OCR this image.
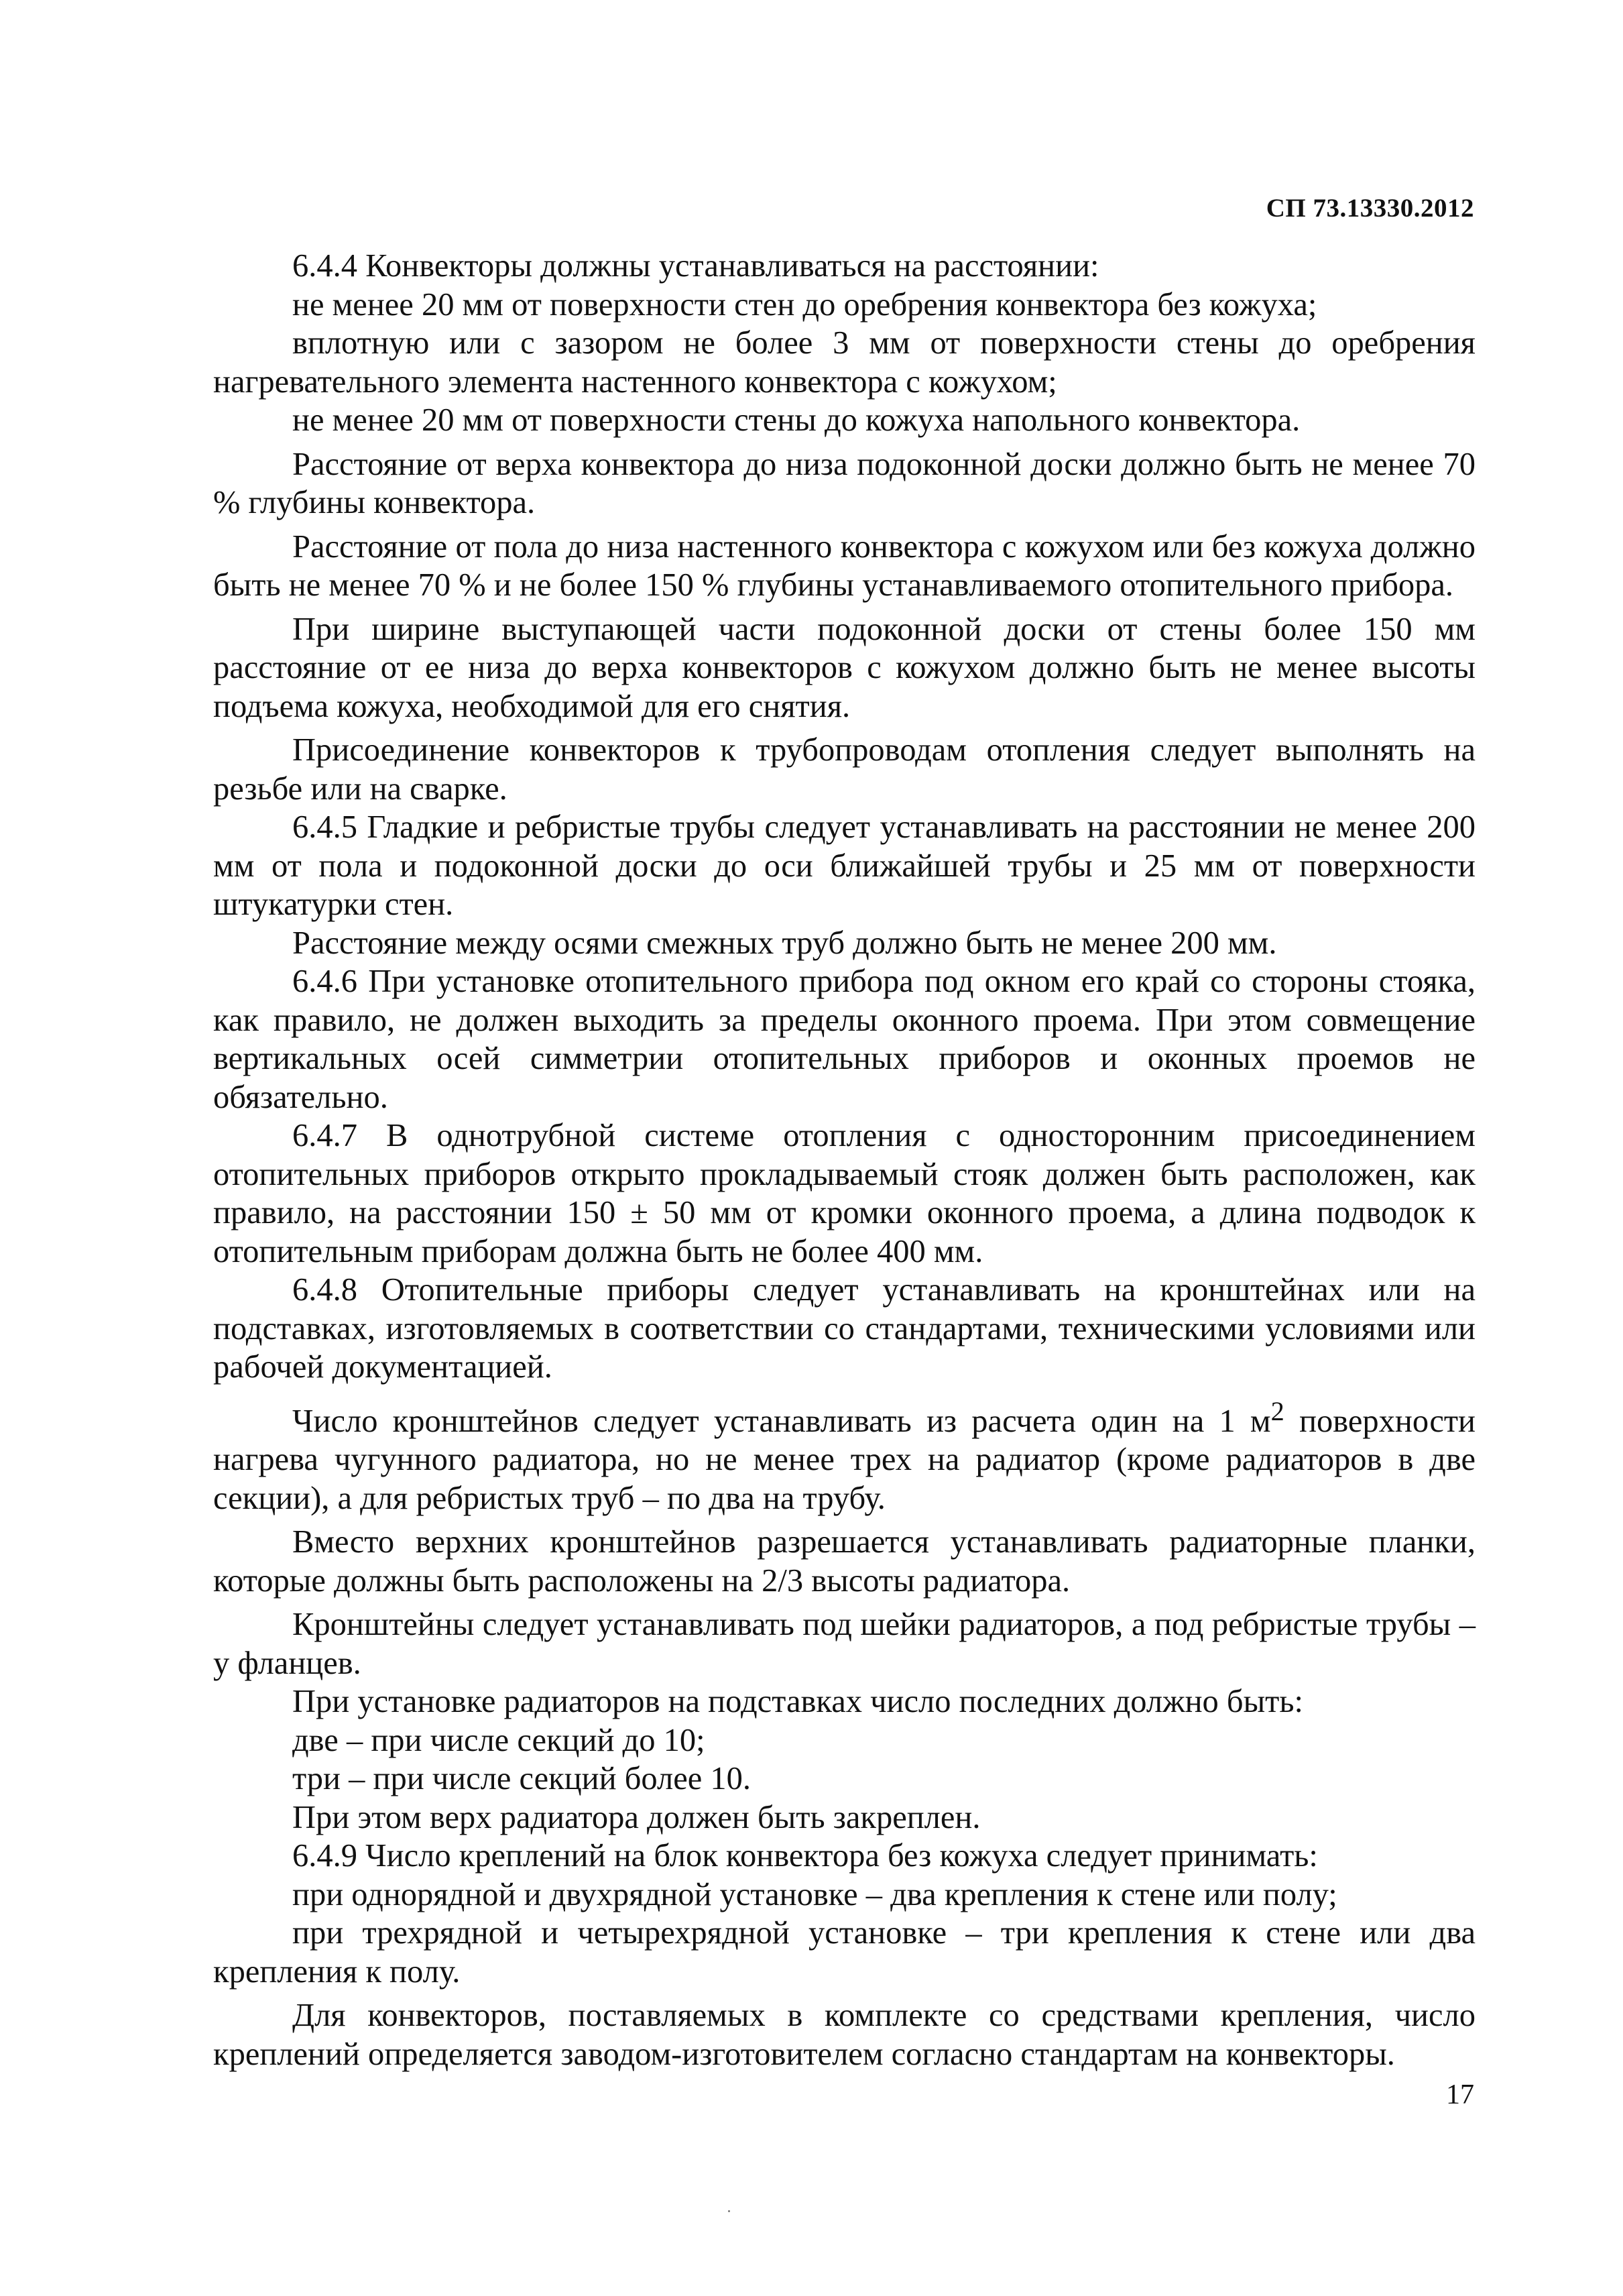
СП 73.13330.2012

6.4.4 Конвекторы должны устанавливаться на расстоянии:

не менее 20 мм от поверхности стен до оребрения конвектора без кожуха;

вплотную или с зазором не более 3 мм от поверхности стены до оребрения нагревательного элемента настенного конвектора с кожухом;

не менее 20 мм от поверхности стены до кожуха напольного конвектора.

Расстояние от верха конвектора до низа подоконной доски должно быть не менее 70 % глубины конвектора.

Расстояние от пола до низа настенного конвектора с кожухом или без кожуха должно быть не менее 70 % и не более 150 % глубины устанавливаемого отопительного прибора.

При ширине выступающей части подоконной доски от стены более 150 мм расстояние от ее низа до верха конвекторов с кожухом должно быть не менее высоты подъема кожуха, необходимой для его снятия.

Присоединение конвекторов к трубопроводам отопления следует выполнять на резьбе или на сварке.

6.4.5 Гладкие и ребристые трубы следует устанавливать на расстоянии не менее 200 мм от пола и подоконной доски до оси ближайшей трубы и 25 мм от поверхности штукатурки стен.

Расстояние между осями смежных труб должно быть не менее 200 мм.

6.4.6 При установке отопительного прибора под окном его край со стороны стояка, как правило, не должен выходить за пределы оконного проема. При этом совмещение вертикальных осей симметрии отопительных приборов и оконных проемов не обязательно.

6.4.7 В однотрубной системе отопления с односторонним присоединением отопительных приборов открыто прокладываемый стояк должен быть расположен, как правило, на расстоянии 150 ± 50 мм от кромки оконного проема, а длина подводок к отопительным приборам должна быть не более 400 мм.

6.4.8 Отопительные приборы следует устанавливать на кронштейнах или на подставках, изготовляемых в соответствии со стандартами, техническими условиями или рабочей документацией.

Число кронштейнов следует устанавливать из расчета один на 1 $м^2$ поверхности нагрева чугунного радиатора, но не менее трех на радиатор (кроме радиаторов в две секции), а для ребристых труб – по два на трубу.

Вместо верхних кронштейнов разрешается устанавливать радиаторные планки, которые должны быть расположены на 2/3 высоты радиатора.

Кронштейны следует устанавливать под шейки радиаторов, а под ребристые трубы – у фланцев.

При установке радиаторов на подставках число последних должно быть:

две – при числе секций до 10;

три – при числе секций более 10.

При этом верх радиатора должен быть закреплен.

6.4.9 Число креплений на блок конвектора без кожуха следует принимать:

при однорядной и двухрядной установке – два крепления к стене или полу;

при трехрядной и четырехрядной установке – три крепления к стене или два крепления к полу.

Для конвекторов, поставляемых в комплекте со средствами крепления, число креплений определяется заводом-изготовителем согласно стандартам на конвекторы.

17
